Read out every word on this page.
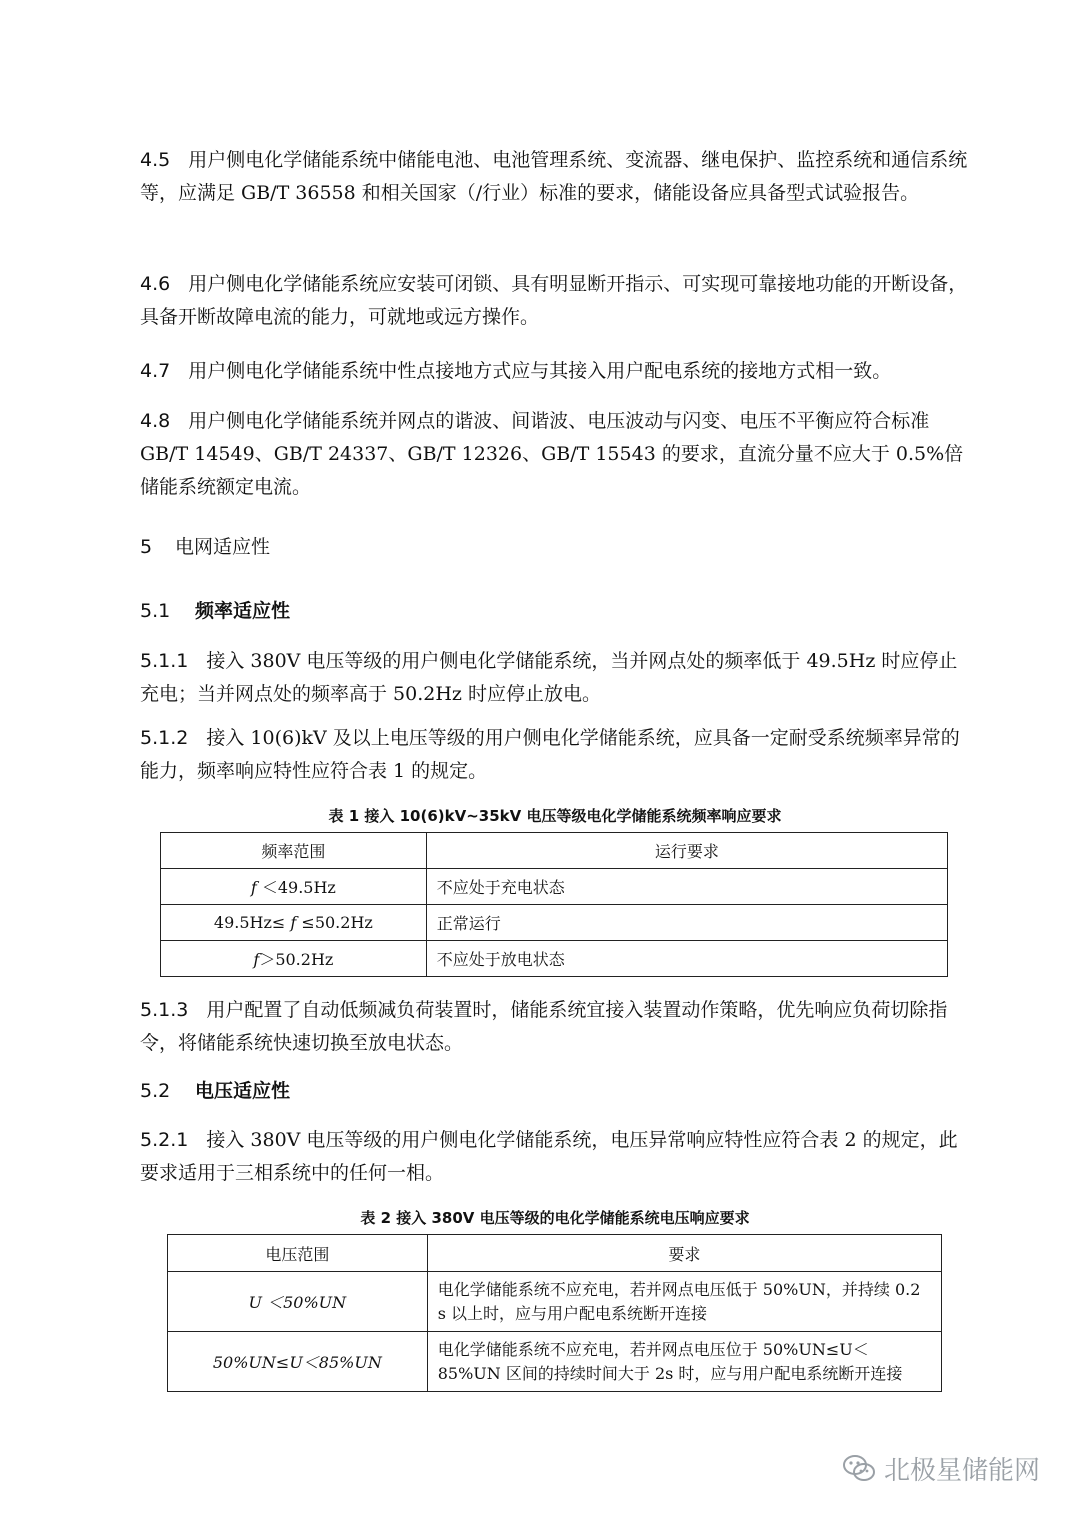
4.5 用户侧电化学储能系统中储能电池、电池管理系统、变流器、继电保护、监控系统和通信系统等，应满足 GB/T 36558 和相关国家（/行业）标准的要求，储能设备应具备型式试验报告。

4.6 用户侧电化学储能系统应安装可闭锁、具有明显断开指示、可实现可靠接地功能的开断设备，具备开断故障电流的能力，可就地或远方操作。

4.7 用户侧电化学储能系统中性点接地方式应与其接入用户配电系统的接地方式相一致。

4.8 用户侧电化学储能系统并网点的谐波、间谐波、电压波动与闪变、电压不平衡应符合标准 GB/T 14549、GB/T 24337、GB/T 12326、GB/T 15543 的要求，直流分量不应大于 0.5%倍储能系统额定电流。

5 电网适应性
5.1 频率适应性

5.1.1 接入 380V 电压等级的用户侧电化学储能系统，当并网点处的频率低于 49.5Hz 时应停止充电；当并网点处的频率高于 50.2Hz 时应停止放电。

5.1.2 接入 10(6)kV 及以上电压等级的用户侧电化学储能系统，应具备一定耐受系统频率异常的能力，频率响应特性应符合表 1 的规定。

表 1 接入 10(6)kV~35kV 电压等级电化学储能系统频率响应要求
频率范围	运行要求
f ＜49.5Hz	不应处于充电状态
49.5Hz≤ f ≤50.2Hz	正常运行
f＞50.2Hz	不应处于放电状态

5.1.3 用户配置了自动低频减负荷装置时，储能系统宜接入装置动作策略，优先响应负荷切除指令，将储能系统快速切换至放电状态。

5.2 电压适应性

5.2.1 接入 380V 电压等级的用户侧电化学储能系统，电压异常响应特性应符合表 2 的规定，此要求适用于三相系统中的任何一相。

表 2 接入 380V 电压等级的电化学储能系统电压响应要求
电压范围	要求
U ＜50%UN	电化学储能系统不应充电，若并网点电压低于 50%UN，并持续 0.2 s 以上时，应与用户配电系统断开连接
50%UN≤U＜85%UN	电化学储能系统不应充电，若并网点电压位于 50%UN≤U＜85%UN 区间的持续时间大于 2s 时，应与用户配电系统断开连接
北极星储能网
